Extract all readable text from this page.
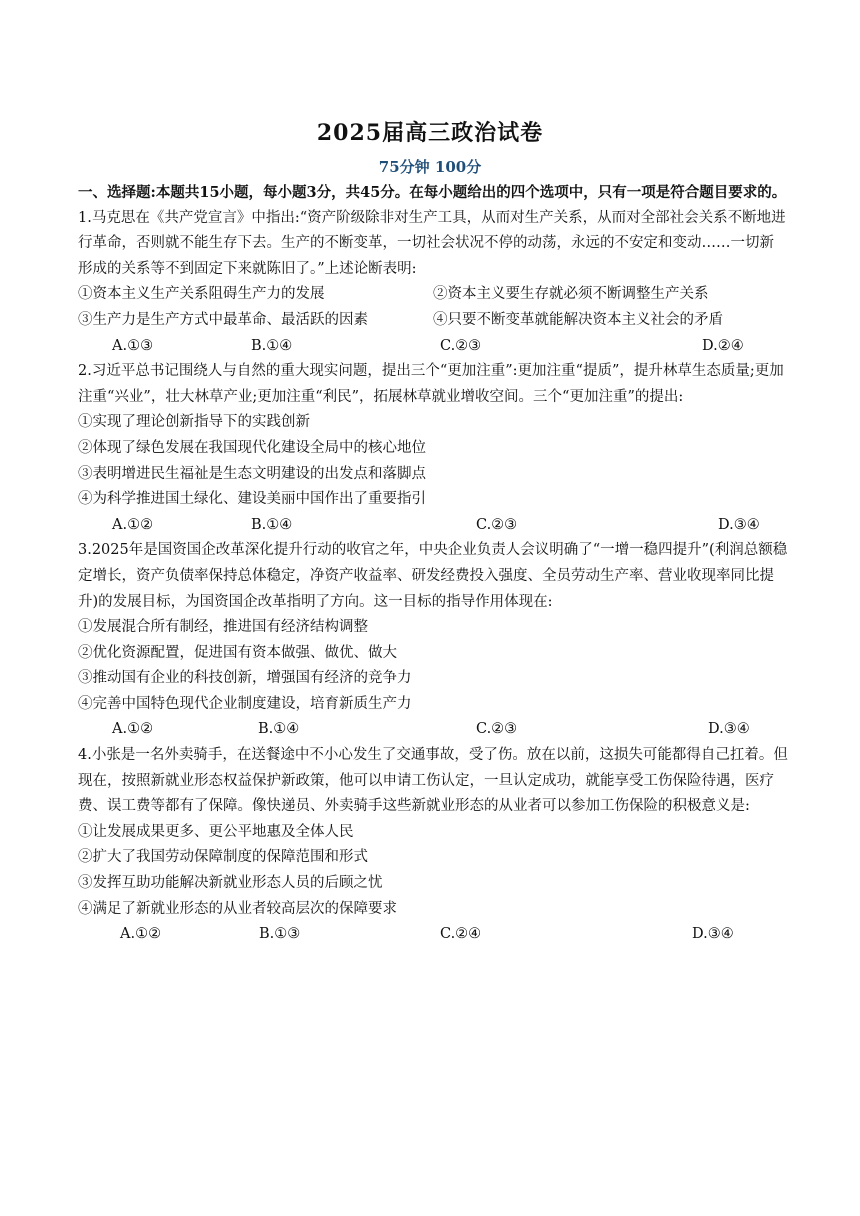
2025届高三政治试卷
75分钟 100分

一、选择题:本题共15小题，每小题3分，共45分。在每小题给出的四个选项中，只有一项是符合题目要求的。

1.马克思在《共产党宣言》中指出:“资产阶级除非对生产工具，从而对生产关系，从而对全部社会关系不断地进行革命，否则就不能生存下去。生产的不断变革，一切社会状况不停的动荡，永远的不安定和变动……一切新形成的关系等不到固定下来就陈旧了。”上述论断表明:

①资本主义生产关系阻碍生产力的发展	②资本主义要生存就必须不断调整生产关系
③生产力是生产方式中最革命、最活跃的因素	④只要不断变革就能解决资本主义社会的矛盾
A.①③	B.①④	C.②③	D.②④

2.习近平总书记围绕人与自然的重大现实问题，提出三个“更加注重”:更加注重“提质”，提升林草生态质量;更加注重“兴业”，壮大林草产业;更加注重“利民”，拓展林草就业增收空间。三个“更加注重”的提出:

①实现了理论创新指导下的实践创新

②体现了绿色发展在我国现代化建设全局中的核心地位

③表明增进民生福祉是生态文明建设的出发点和落脚点

④为科学推进国土绿化、建设美丽中国作出了重要指引

A.①②	B.①④	C.②③	D.③④

3.2025年是国资国企改革深化提升行动的收官之年，中央企业负责人会议明确了“一增一稳四提升”(利润总额稳定增长，资产负债率保持总体稳定，净资产收益率、研发经费投入强度、全员劳动生产率、营业收现率同比提升)的发展目标，为国资国企改革指明了方向。这一目标的指导作用体现在:

①发展混合所有制经，推进国有经济结构调整

②优化资源配置，促进国有资本做强、做优、做大

③推动国有企业的科技创新，增强国有经济的竞争力

④完善中国特色现代企业制度建设，培育新质生产力

A.①②	B.①④	C.②③	D.③④

4.小张是一名外卖骑手，在送餐途中不小心发生了交通事故，受了伤。放在以前，这损失可能都得自己扛着。但现在，按照新就业形态权益保护新政策，他可以申请工伤认定，一旦认定成功，就能享受工伤保险待遇，医疗费、误工费等都有了保障。像快递员、外卖骑手这些新就业形态的从业者可以参加工伤保险的积极意义是:

①让发展成果更多、更公平地惠及全体人民

②扩大了我国劳动保障制度的保障范围和形式

③发挥互助功能解决新就业形态人员的后顾之忧

④满足了新就业形态的从业者较高层次的保障要求

A.①②	B.①③	C.②④	D.③④
